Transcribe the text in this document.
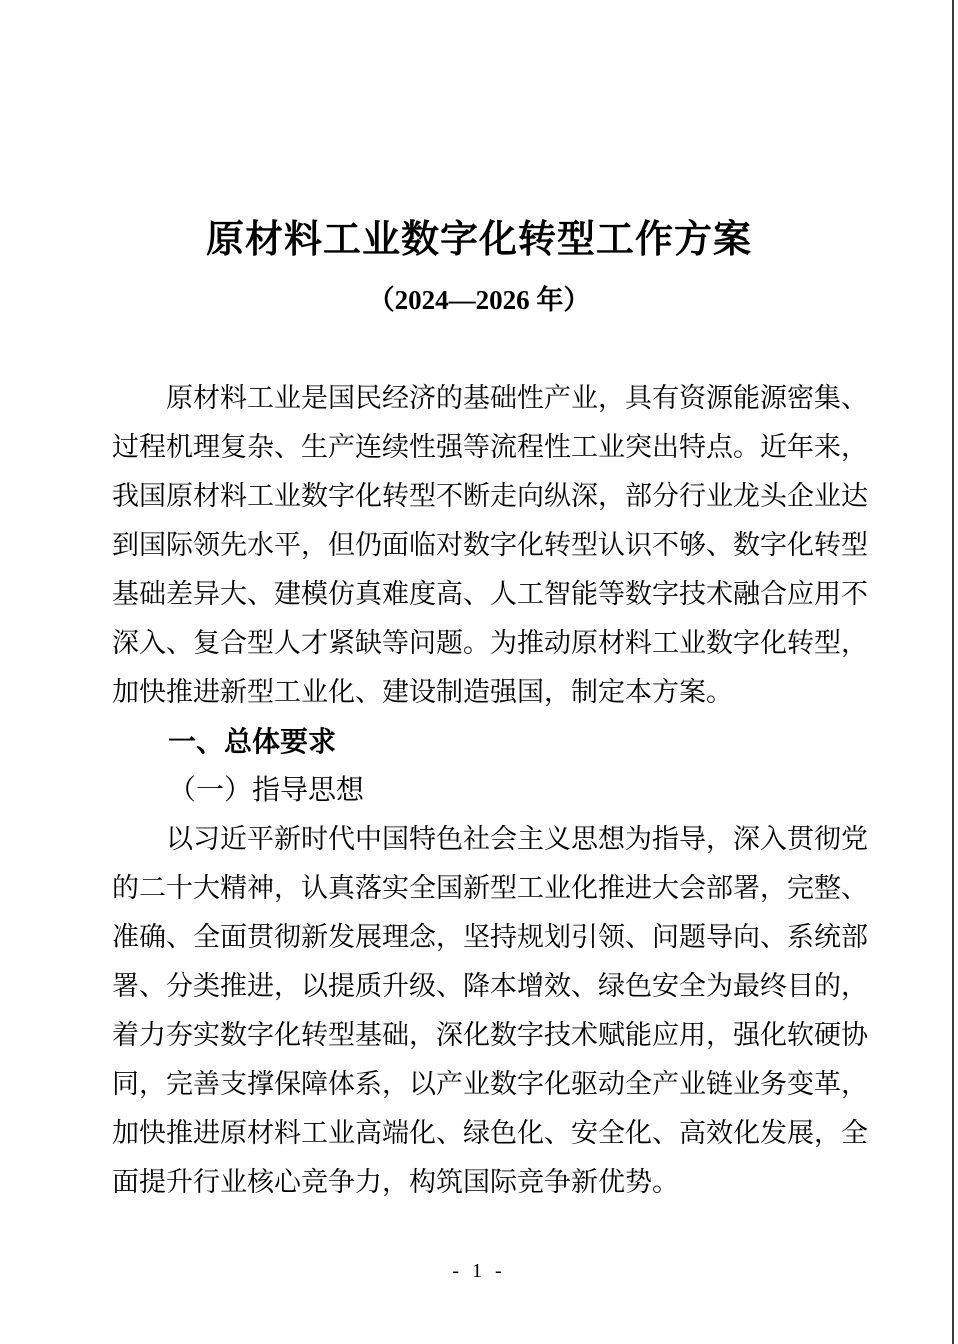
原材料工业数字化转型工作方案
（2024—2026 年）

原材料工业是国民经济的基础性产业，具有资源能源密集、过程机理复杂、生产连续性强等流程性工业突出特点。近年来，我国原材料工业数字化转型不断走向纵深，部分行业龙头企业达到国际领先水平，但仍面临对数字化转型认识不够、数字化转型基础差异大、建模仿真难度高、人工智能等数字技术融合应用不深入、复合型人才紧缺等问题。为推动原材料工业数字化转型，加快推进新型工业化、建设制造强国，制定本方案。

一、总体要求
（一）指导思想

以习近平新时代中国特色社会主义思想为指导，深入贯彻党的二十大精神，认真落实全国新型工业化推进大会部署，完整、准确、全面贯彻新发展理念，坚持规划引领、问题导向、系统部署、分类推进，以提质升级、降本增效、绿色安全为最终目的，着力夯实数字化转型基础，深化数字技术赋能应用，强化软硬协同，完善支撑保障体系，以产业数字化驱动全产业链业务变革，加快推进原材料工业高端化、绿色化、安全化、高效化发展，全面提升行业核心竞争力，构筑国际竞争新优势。

- 1 -
